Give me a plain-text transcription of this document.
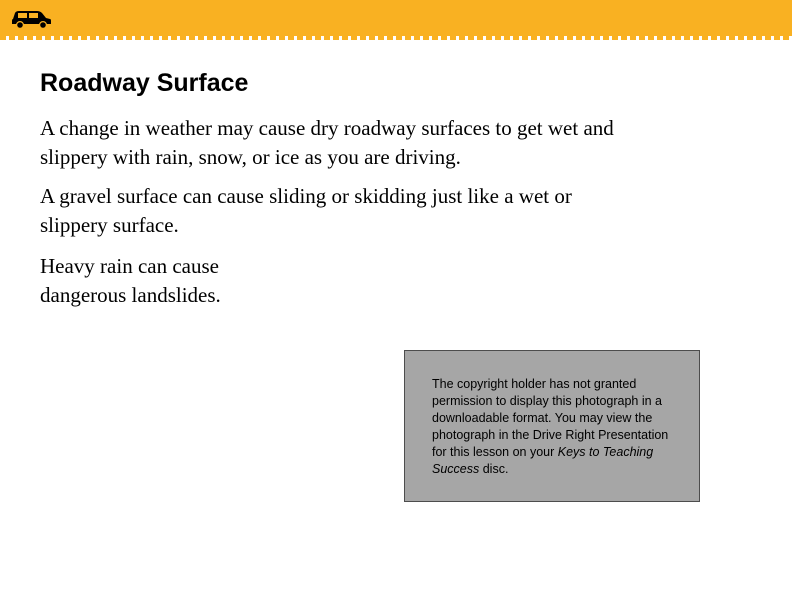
Roadway Surface

A change in weather may cause dry roadway surfaces to get wet and slippery with rain, snow, or ice as you are driving.

A gravel surface can cause sliding or skidding just like a wet or slippery surface.

Heavy rain can cause dangerous landslides.

The copyright holder has not granted permission to display this photograph in a downloadable format. You may view the photograph in the Drive Right Presentation for this lesson on your Keys to Teaching Success disc.
